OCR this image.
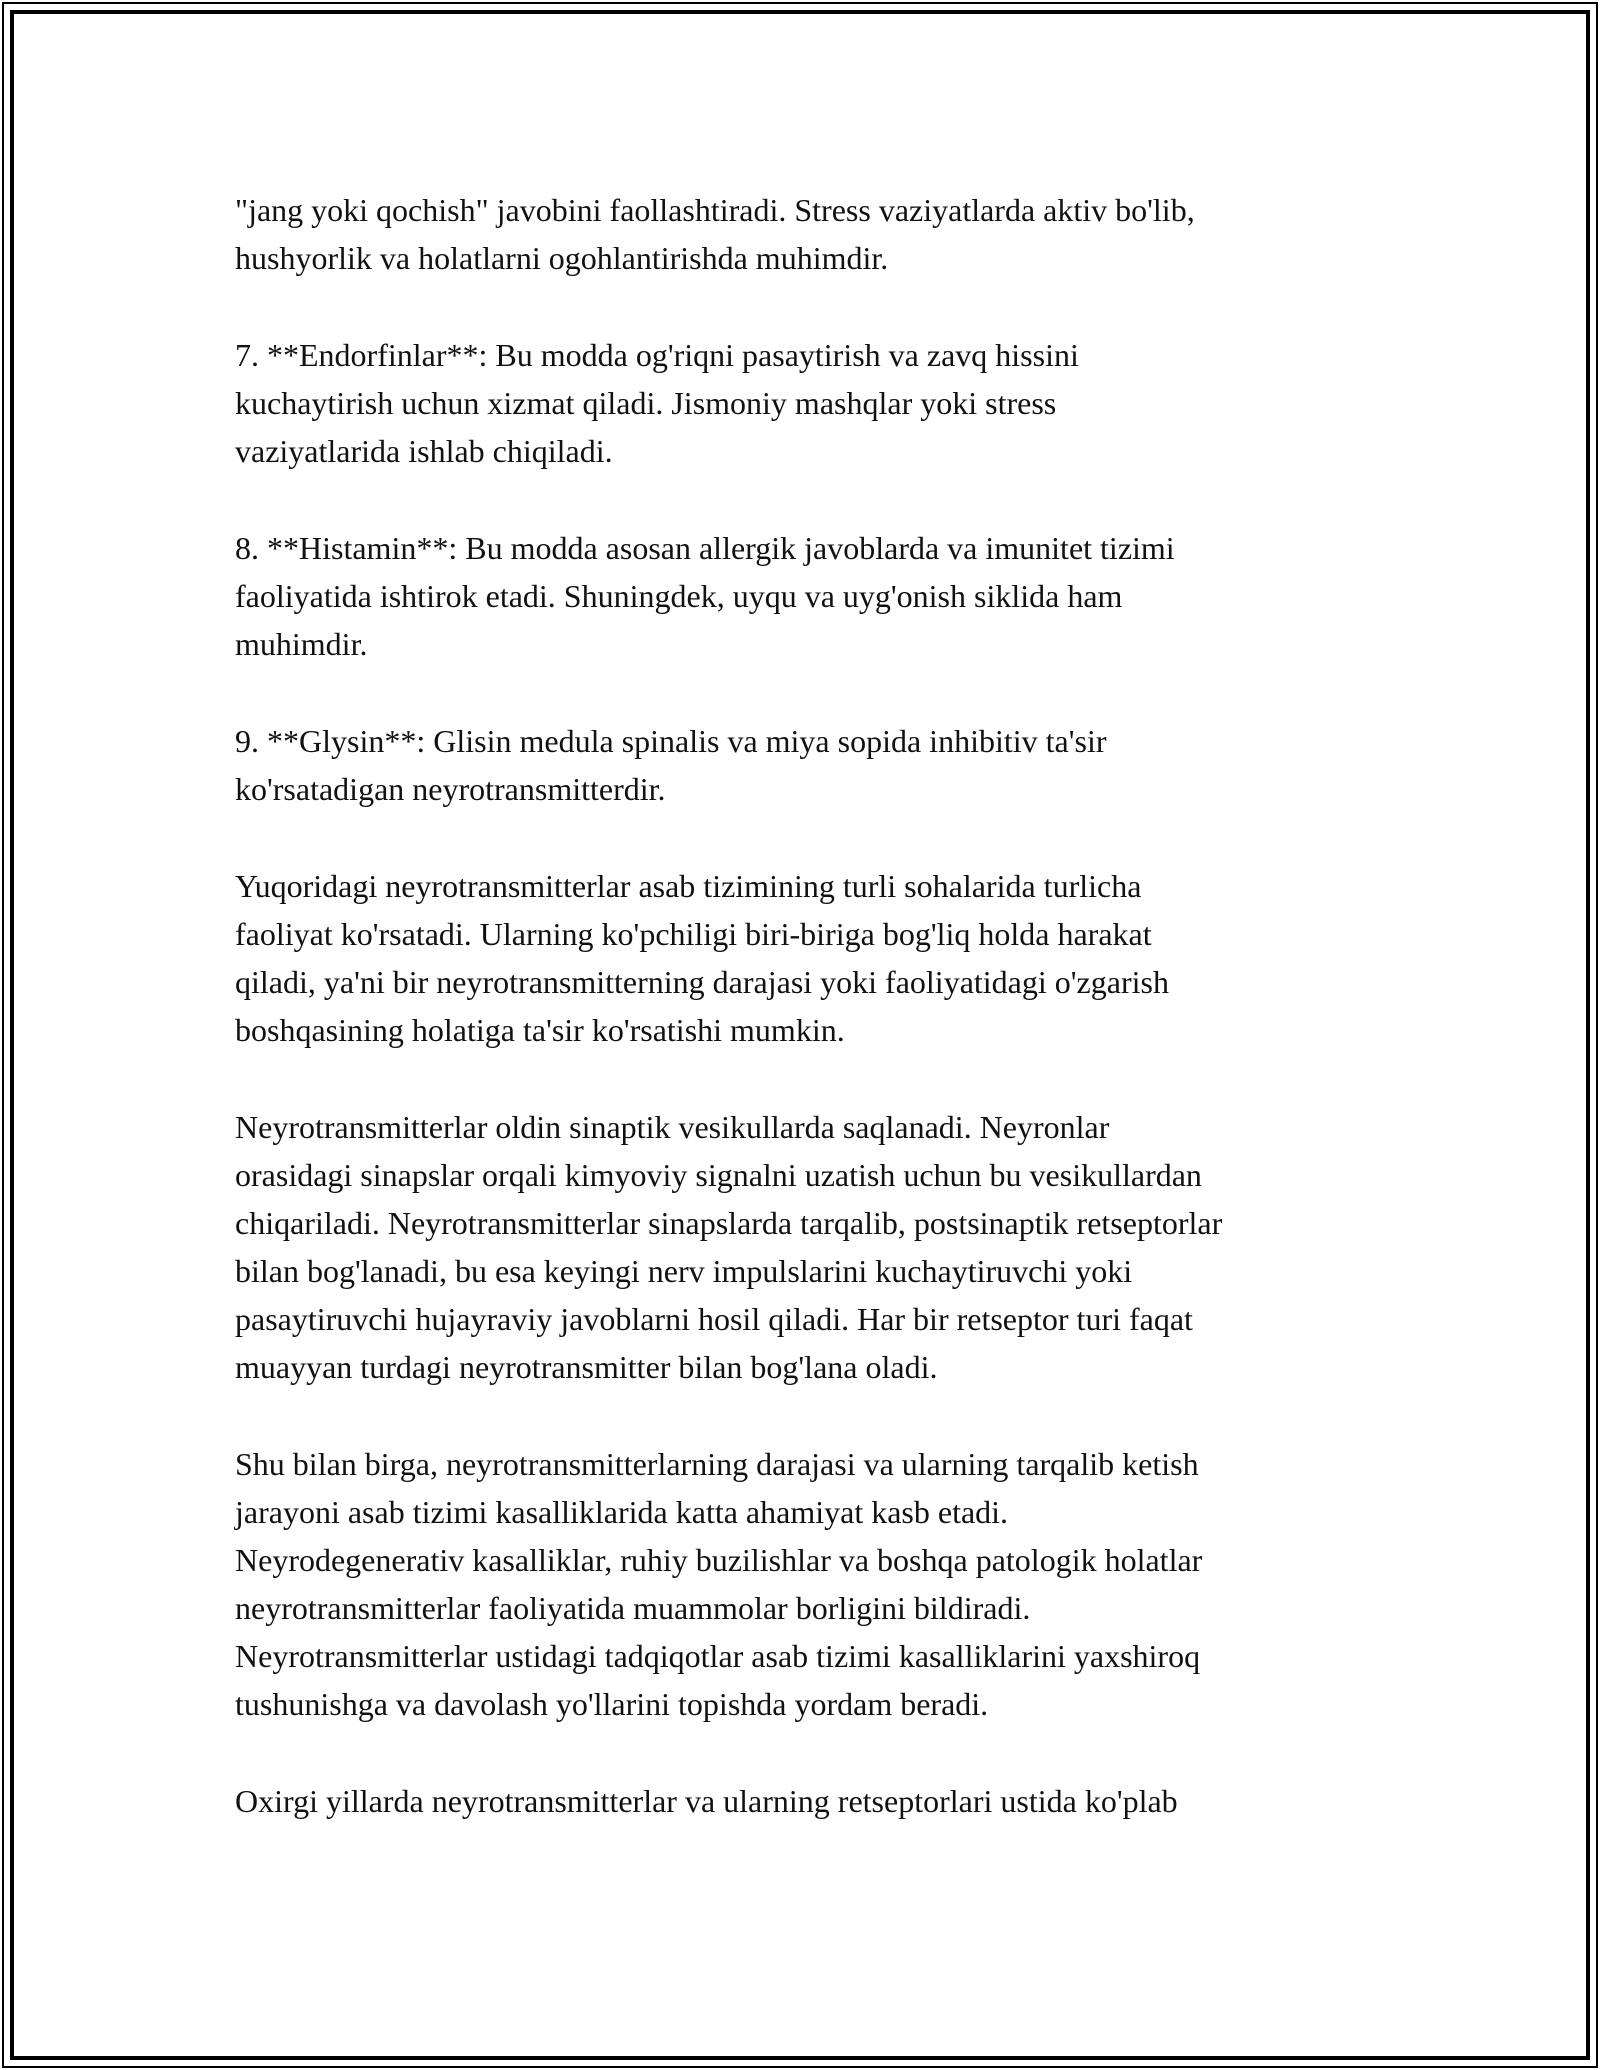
"jang yoki qochish" javobini faollashtiradi. Stress vaziyatlarda aktiv bo'lib,
hushyorlik va holatlarni ogohlantirishda muhimdir.

7. **Endorfinlar**: Bu modda og'riqni pasaytirish va zavq hissini
kuchaytirish uchun xizmat qiladi. Jismoniy mashqlar yoki stress
vaziyatlarida ishlab chiqiladi.

8. **Histamin**: Bu modda asosan allergik javoblarda va imunitet tizimi
faoliyatida ishtirok etadi. Shuningdek, uyqu va uyg'onish siklida ham
muhimdir.

9. **Glysin**: Glisin medula spinalis va miya sopida inhibitiv ta'sir
ko'rsatadigan neyrotransmitterdir.

Yuqoridagi neyrotransmitterlar asab tizimining turli sohalarida turlicha
faoliyat ko'rsatadi. Ularning ko'pchiligi biri-biriga bog'liq holda harakat
qiladi, ya'ni bir neyrotransmitterning darajasi yoki faoliyatidagi o'zgarish
boshqasining holatiga ta'sir ko'rsatishi mumkin.

Neyrotransmitterlar oldin sinaptik vesikullarda saqlanadi. Neyronlar
orasidagi sinapslar orqali kimyoviy signalni uzatish uchun bu vesikullardan
chiqariladi. Neyrotransmitterlar sinapslarda tarqalib, postsinaptik retseptorlar
bilan bog'lanadi, bu esa keyingi nerv impulslarini kuchaytiruvchi yoki
pasaytiruvchi hujayraviy javoblarni hosil qiladi. Har bir retseptor turi faqat
muayyan turdagi neyrotransmitter bilan bog'lana oladi.

Shu bilan birga, neyrotransmitterlarning darajasi va ularning tarqalib ketish
jarayoni asab tizimi kasalliklarida katta ahamiyat kasb etadi.
Neyrodegenerativ kasalliklar, ruhiy buzilishlar va boshqa patologik holatlar
neyrotransmitterlar faoliyatida muammolar borligini bildiradi.
Neyrotransmitterlar ustidagi tadqiqotlar asab tizimi kasalliklarini yaxshiroq
tushunishga va davolash yo'llarini topishda yordam beradi.

Oxirgi yillarda neyrotransmitterlar va ularning retseptorlari ustida ko'plab
